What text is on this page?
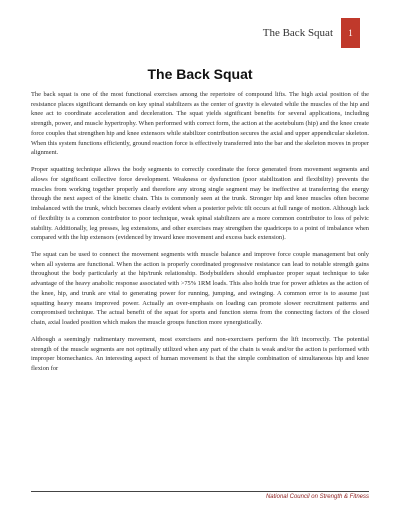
The Back Squat	1
The Back Squat

The back squat is one of the most functional exercises among the repertoire of compound lifts. The high axial position of the resistance places significant demands on key spinal stabilizers as the center of gravity is elevated while the muscles of the hip and knee act to coordinate acceleration and deceleration. The squat yields significant benefits for several applications, including strength, power, and muscle hypertrophy. When performed with correct form, the action at the acetebulum (hip) and the knee create force couples that strengthen hip and knee extensors while stabilizer contribution secures the axial and upper appendicular skeleton. When this system functions efficiently, ground reaction force is effectively transferred into the bar and the skeleton moves in proper alignment.

Proper squatting technique allows the body segments to correctly coordinate the force generated from movement segments and allows for significant collective force development. Weakness or dysfunction (poor stabilization and flexibility) prevents the muscles from working together properly and therefore any strong single segment may be ineffective at transferring the energy through the next aspect of the kinetic chain. This is commonly seen at the trunk. Stronger hip and knee muscles often become imbalanced with the trunk, which becomes clearly evident when a posterior pelvic tilt occurs at full range of motion. Although lack of flexibility is a common contributor to poor technique, weak spinal stabilizers are a more common contributor to loss of pelvic stability. Additionally, leg presses, leg extensions, and other exercises may strengthen the quadriceps to a point of imbalance when compared with the hip extensors (evidenced by inward knee movement and excess back extension).

The squat can be used to connect the movement segments with muscle balance and improve force couple management but only when all systems are functional. When the action is properly coordinated progressive resistance can lead to notable strength gains throughout the body particularly at the hip/trunk relationship. Bodybuilders should emphasize proper squat technique to take advantage of the heavy anabolic response associated with >75% 1RM loads. This also holds true for power athletes as the action of the knee, hip, and trunk are vital to generating power for running, jumping, and swinging. A common error is to assume just squatting heavy means improved power. Actually an over-emphasis on loading can promote slower recruitment patterns and compromised technique. The actual benefit of the squat for sports and function stems from the connecting factors of the closed chain, axial loaded position which makes the muscle groups function more synergistically.

Although a seemingly rudimentary movement, most exercisers and non-exercisers perform the lift incorrectly. The potential strength of the muscle segments are not optimally utilized when any part of the chain is weak and/or the action is performed with improper biomechanics. An interesting aspect of human movement is that the simple combination of simultaneous hip and knee flexion for

National Council on Strength & Fitness
